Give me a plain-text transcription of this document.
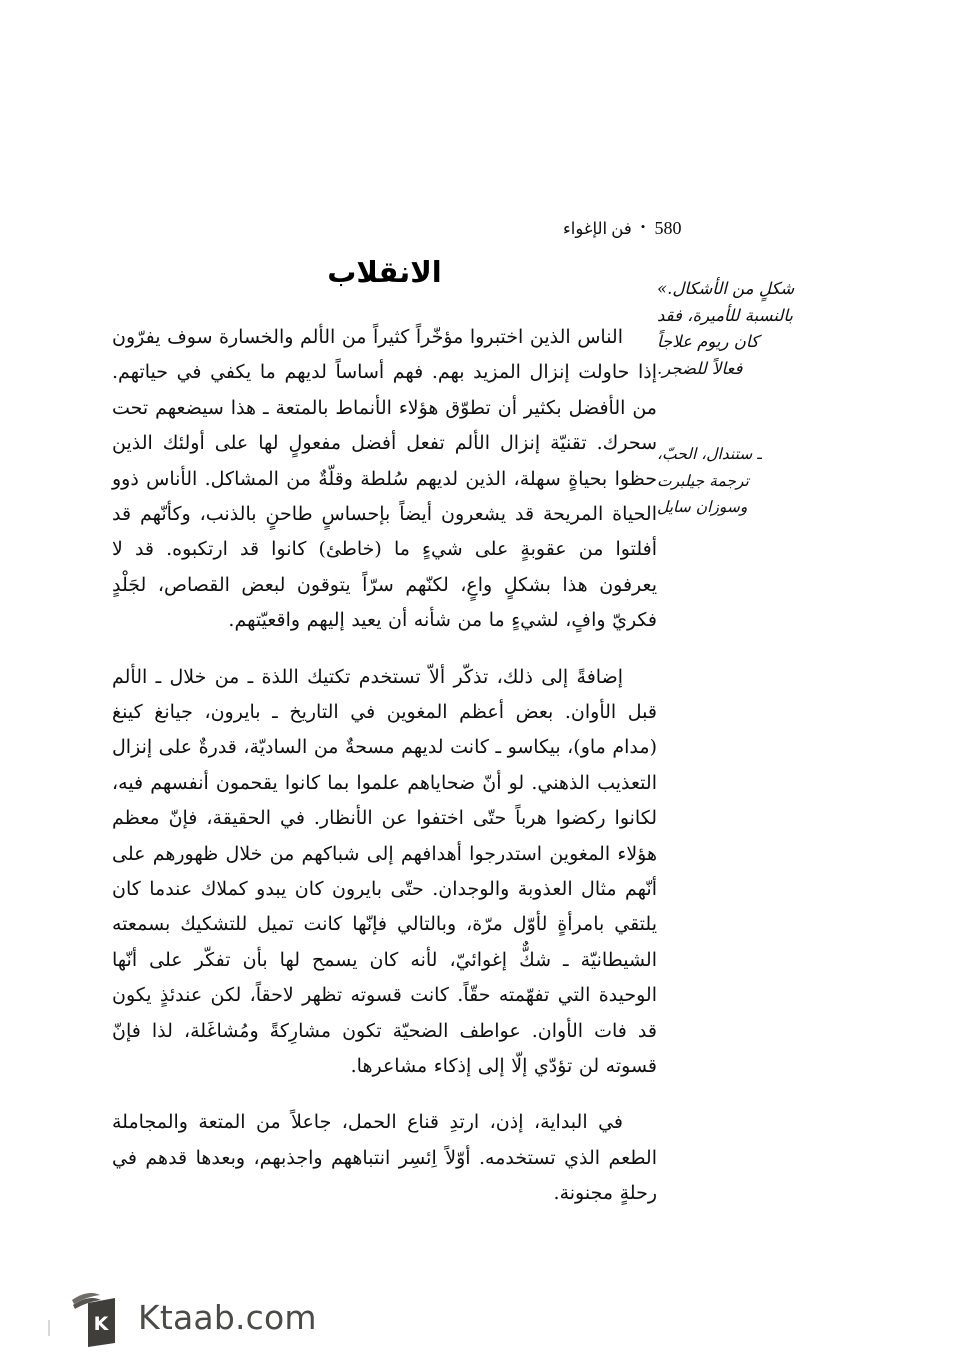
580•فن الإغواء
شكلٍ من الأشكال.»
بالنسبة للأميرة، فقد
كان ريوم علاجاً
فعالاً للضجر.
ـ ستندال، الحبّ،
ترجمة جيلبرت
وسوزان سايل
الانقلاب

الناس الذين اختبروا مؤخّراً كثيراً من الألم والخسارة سوف يفرّون إذا حاولت إنزال المزيد بهم. فهم أساساً لديهم ما يكفي في حياتهم. من الأفضل بكثير أن تطوّق هؤلاء الأنماط بالمتعة ـ هذا سيضعهم تحت سحرك. تقنيّة إنزال الألم تفعل أفضل مفعولٍ لها على أولئك الذين حظوا بحياةٍ سهلة، الذين لديهم سُلطة وقلّةٌ من المشاكل. الأناس ذوو الحياة المريحة قد يشعرون أيضاً بإحساسٍ طاحنٍ بالذنب، وكأنّهم قد أفلتوا من عقوبةٍ على شيءٍ ما (خاطئ) كانوا قد ارتكبوه. قد لا يعرفون هذا بشكلٍ واعٍ، لكنّهم سرّاً يتوقون لبعض القصاص، لجَلْدٍ فكريّ وافٍ، لشيءٍ ما من شأنه أن يعيد إليهم واقعيّتهم.

إضافةً إلى ذلك، تذكّر ألاّ تستخدم تكتيك اللذة ـ من خلال ـ الألم قبل الأوان. بعض أعظم المغوين في التاريخ ـ بايرون، جيانغ كينغ (مدام ماو)، بيكاسو ـ كانت لديهم مسحةٌ من الساديّة، قدرةٌ على إنزال التعذيب الذهني. لو أنّ ضحاياهم علموا بما كانوا يقحمون أنفسهم فيه، لكانوا ركضوا هرباً حتّى اختفوا عن الأنظار. في الحقيقة، فإنّ معظم هؤلاء المغوين استدرجوا أهدافهم إلى شباكهم من خلال ظهورهم على أنّهم مثال العذوبة والوجدان. حتّى بايرون كان يبدو كملاك عندما كان يلتقي بامرأةٍ لأوّل مرّة، وبالتالي فإنّها كانت تميل للتشكيك بسمعته الشيطانيّة ـ شكٌّ إغوائيّ، لأنه كان يسمح لها بأن تفكّر على أنّها الوحيدة التي تفهّمته حقّاً. كانت قسوته تظهر لاحقاً، لكن عندئذٍ يكون قد فات الأوان. عواطف الضحيّة تكون مشارِكةً ومُشاغَلة، لذا فإنّ قسوته لن تؤدّي إلّا إلى إذكاء مشاعرها.

في البداية، إذن، ارتدِ قناع الحمل، جاعلاً من المتعة والمجاملة الطعم الذي تستخدمه. أوّلاً اِئسِر انتباههم واجذبهم، وبعدها قدهم في رحلةٍ مجنونة.

K Ktaab.com
